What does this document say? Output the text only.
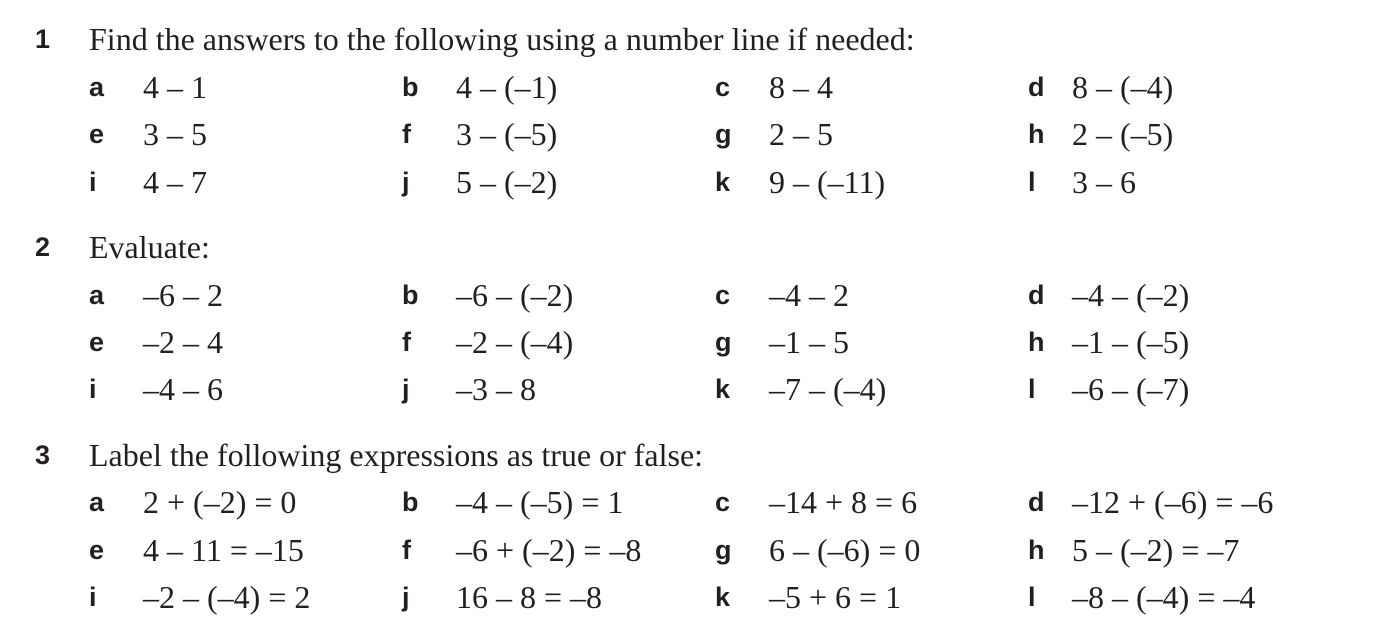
1 Find the answers to the following using a number line if needed:
a 4 – 1	b 4 – (–1)	c 8 – 4	d 8 – (–4)
e 3 – 5	f 3 – (–5)	g 2 – 5	h 2 – (–5)
i 4 – 7	j 5 – (–2)	k 9 – (–11)	l 3 – 6
2 Evaluate:
a –6 – 2	b –6 – (–2)	c –4 – 2	d –4 – (–2)
e –2 – 4	f –2 – (–4)	g –1 – 5	h –1 – (–5)
i –4 – 6	j –3 – 8	k –7 – (–4)	l –6 – (–7)
3 Label the following expressions as true or false:
a 2 + (–2) = 0	b –4 – (–5) = 1	c –14 + 8 = 6	d –12 + (–6) = –6
e 4 – 11 = –15	f –6 + (–2) = –8	g 6 – (–6) = 0	h 5 – (–2) = –7
i –2 – (–4) = 2	j 16 – 8 = –8	k –5 + 6 = 1	l –8 – (–4) = –4
